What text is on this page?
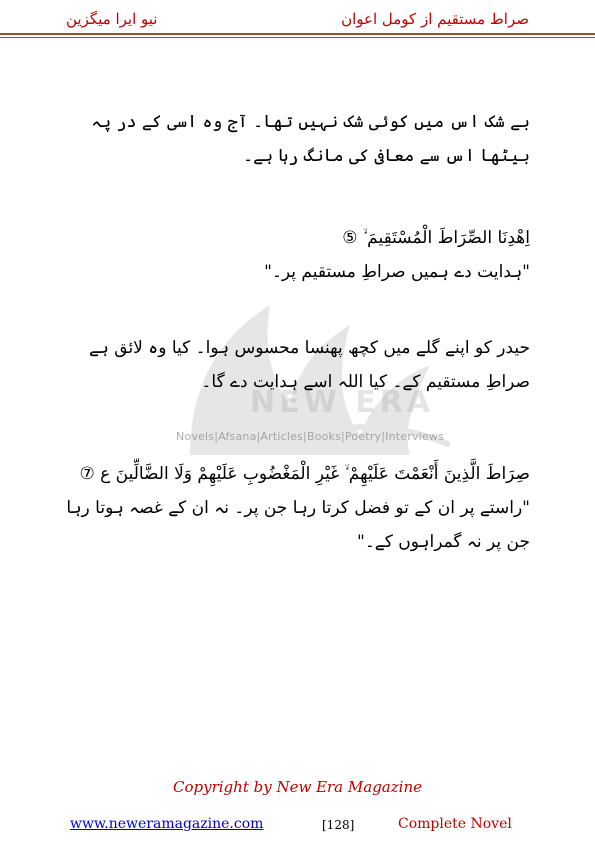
نیو ایرا میگزین	صراط مستقیم از کومل اعوان
NEW ERA
Novels|Afsana|Articles|Books|Poetry|Interviews

بے شک اس میں کوئی شک نہیں تھا۔ آج وہ اسی کے در پہ بیٹھا اس سے معافی کی مانگ رہا ہے۔

اِهْدِنَا الصِّرَاطَ الْمُسْتَقِيمَ ۙ ⑤

"ہدایت دے ہمیں صراطِ مستقیم پر۔"

حیدر کو اپنے گلے میں کچھ پھنسا محسوس ہوا۔ کیا وہ لائق ہے صراطِ مستقیم کے۔ کیا اللہ اسے ہدایت دے گا۔

صِرَاطَ الَّذِينَ أَنْعَمْتَ عَلَيْهِمْ ۙ غَيْرِ الْمَغْضُوبِ عَلَيْهِمْ وَلَا الضَّالِّينَ ع ⑦

"راستے پر ان کے تو فضل کرتا رہا جن پر۔ نہ ان کے غصہ ہوتا رہا جن پر نہ گمراہوں کے۔"

Copyright by New Era Magazine
www.neweramagazine.com	[128]	Complete Novel
